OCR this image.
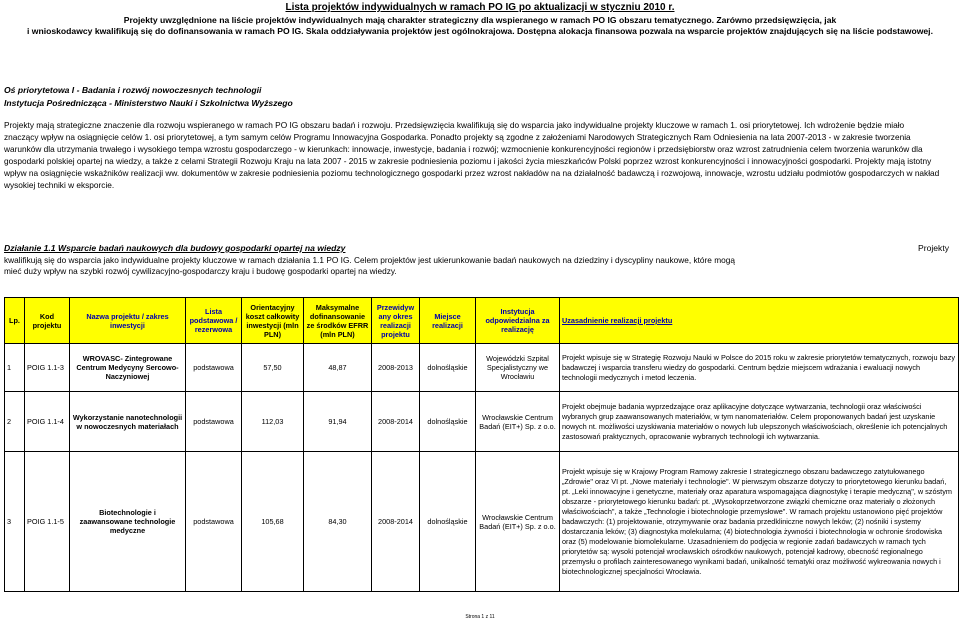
Lista projektów indywidualnych w ramach PO IG po aktualizacji w styczniu 2010 r.
Projekty uwzględnione na liście projektów indywidualnych mają charakter strategiczny dla wspieranego w ramach PO IG obszaru tematycznego. Zarówno przedsięwzięcia, jak
i wnioskodawcy kwalifikują się do dofinansowania w ramach PO IG. Skala oddziaływania projektów jest ogólnokrajowa. Dostępna alokacja finansowa pozwala na wsparcie projektów znajdujących się na liście podstawowej.
Oś priorytetowa I - Badania i rozwój nowoczesnych technologii
Instytucja Pośrednicząca - Ministerstwo Nauki i Szkolnictwa Wyższego
Projekty mają strategiczne znaczenie dla rozwoju wspieranego w ramach PO IG obszaru badań i rozwoju. Przedsięwzięcia kwalifikują się do wsparcia jako indywidualne projekty kluczowe w ramach 1. osi priorytetowej. Ich wdrożenie będzie miało
znaczący wpływ na osiągnięcie celów 1. osi priorytetowej, a tym samym celów Programu Innowacyjna Gospodarka. Ponadto projekty są zgodne z założeniami Narodowych Strategicznych Ram Odniesienia na lata 2007-2013 - w zakresie tworzenia
warunków dla utrzymania trwałego i wysokiego tempa wzrostu gospodarczego - w kierunkach: innowacje, inwestycje, badania i rozwój; wzmocnienie konkurencyjności regionów i przedsiębiorstw oraz wzrost zatrudnienia celem tworzenia warunków dla
gospodarki polskiej opartej na wiedzy, a także z celami Strategii Rozwoju Kraju na lata 2007 - 2015 w zakresie podniesienia poziomu i jakości życia mieszkańców Polski poprzez wzrost konkurencyjności i innowacyjności gospodarki. Projekty mają istotny
wpływ na osiągnięcie wskaźników realizacji ww. dokumentów w zakresie podniesienia poziomu technologicznego gospodarki przez wzrost nakładów na na działalność badawczą i rozwojową, innowacje, wzrostu udziału podmiotów gospodarczych w nakład
wysokiej techniki w eksporcie.
Działanie 1.1 Wsparcie badań naukowych dla budowy gospodarki opartej na wiedzy	Projekty
kwalifikują się do wsparcia jako indywidualne projekty kluczowe w ramach działania 1.1 PO IG. Celem projektów jest ukierunkowanie badań naukowych na dziedziny i dyscypliny naukowe, które mogą
mieć duży wpływ na szybki rozwój cywilizacyjno-gospodarczy kraju i budowę gospodarki opartej na wiedzy.
Lp.	Kod projektu	Nazwa projektu / zakres inwestycji	Lista podstawowa / rezerwowa	Orientacyjny koszt całkowity inwestycji (mln PLN)	Maksymalne dofinansowanie ze środków EFRR (mln PLN)	Przewidyw any okres realizacji projektu	Miejsce realizacji	Instytucja odpowiedzialna za realizację	Uzasadnienie realizacji projektu
1	POIG 1.1-3	WROVASC- Zintegrowane Centrum Medycyny Sercowo-Naczyniowej	podstawowa	57,50	48,87	2008-2013	dolnośląskie	Wojewódzki Szpital Specjalistyczny we Wrocławiu	Projekt wpisuje się w Strategię Rozwoju Nauki w Polsce do 2015 roku w zakresie priorytetów tematycznych, rozwoju bazy badawczej i wsparcia transferu wiedzy do gospodarki. Centrum będzie miejscem wdrażania i ewaluacji nowych technologii medycznych i metod leczenia.
2	POIG 1.1-4	Wykorzystanie nanotechnologii w nowoczesnych materiałach	podstawowa	112,03	91,94	2008-2014	dolnośląskie	Wrocławskie Centrum Badań (EIT+) Sp. z o.o.	Projekt obejmuje badania wyprzedzające oraz aplikacyjne dotyczące wytwarzania, technologii oraz właściwości wybranych grup zaawansowanych materiałów, w tym nanomateriałów. Celem proponowanych badań jest uzyskanie nowych nt. możliwości uzyskiwania materiałów o nowych lub ulepszonych właściwościach, określenie ich potencjalnych zastosowań praktycznych, opracowanie wybranych technologii ich wytwarzania.
3	POIG 1.1-5	Biotechnologie i zaawansowane technologie medyczne	podstawowa	105,68	84,30	2008-2014	dolnośląskie	Wrocławskie Centrum Badań (EIT+) Sp. z o.o.	Projekt wpisuje się w Krajowy Program Ramowy zakresie I strategicznego obszaru badawczego zatytułowanego „Zdrowie" oraz VI pt. „Nowe materiały i technologie". W pierwszym obszarze dotyczy to priorytetowego kierunku badań, pt. „Leki innowacyjne i genetyczne, materiały oraz aparatura wspomagająca diagnostykę i terapie medyczną", w szóstym obszarze - priorytetowego kierunku badań: pt. „Wysokoprzetworzone związki chemiczne oraz materiały o złożonych właściwościach", a także „Technologie i biotechnologie przemysłowe". W ramach projektu ustanowiono pięć projektów badawczych: (1) projektowanie, otrzymywanie oraz badania przedkliniczne nowych leków; (2) nośniki i systemy dostarczania leków; (3) diagnostyka molekularna; (4) biotechnologia żywności i biotechnologia w ochronie środowiska oraz (5) modelowanie biomolekularne. Uzasadnieniem do podjęcia w regionie zadań badawczych w ramach tych priorytetów są: wysoki potencjał wrocławskich ośrodków naukowych, potencjał kadrowy, obecność regionalnego przemysłu o profilach zainteresowanego wynikami badań, unikalność tematyki oraz możliwość wykreowania nowych i biotechnologicznej specjalności Wrocławia.
Strona 1 z 11
